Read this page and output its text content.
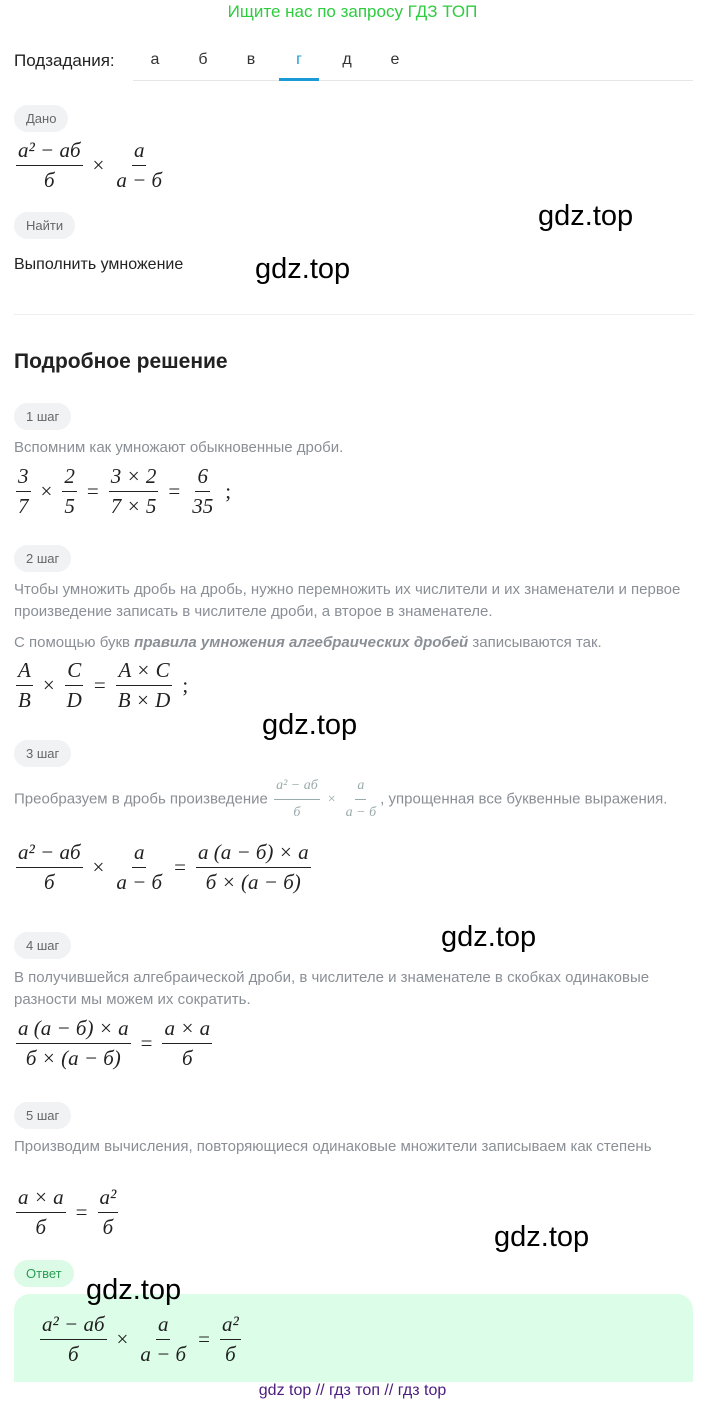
Ищите нас по запросу ГДЗ ТОП
Подзадания:	а	б	в	г	д	е
Дано
$\frac{\text{а² − аб}}{б} \times \frac{а}{а - б}$
Найти
Выполнить умножение
Подробное решение
1 шаг
Вспомним как умножают обыкновенные дроби.
$\frac{3}{7} \times \frac{2}{5} = \frac{3 \times 2}{7 \times 5} = \frac{6}{35}$ ;
2 шаг
Чтобы умножить дробь на дробь, нужно перемножить их числители и их знаменатели и первое произведение записать в числителе дроби, а второе в знаменателе.
С помощью букв правила умножения алгебраических дробей записываются так.
$\frac{A}{B} \times \frac{C}{D} = \frac{A \times C}{B \times D}$ ;
3 шаг
Преобразуем в дробь произведение $\frac{\text{а² − аб}}{б} \times \frac{а}{а - б}$ , упрощенная все буквенные выражения.
$\frac{\text{а² − аб}}{б} \times \frac{а}{а - б} = \frac{а (а - б) \times а}{б \times (а - б)}$
4 шаг
В получившейся алгебраической дроби, в числителе и знаменателе в скобках одинаковые разности мы можем их сократить.
$\frac{а (а - б) \times а}{б \times (а - б)} = \frac{а \times а}{б}$
5 шаг
Производим вычисления, повторяющиеся одинаковые множители записываем как степень
$\frac{а \times а}{б} = \frac{\text{а²}}{б}$
Ответ
$\frac{\text{а² − аб}}{б} \times \frac{а}{а - б} = \frac{\text{а²}}{б}$
gdz.top
gdz.top
gdz.top
gdz.top
gdz.top
gdz.top
gdz top // гдз топ // гдз top
